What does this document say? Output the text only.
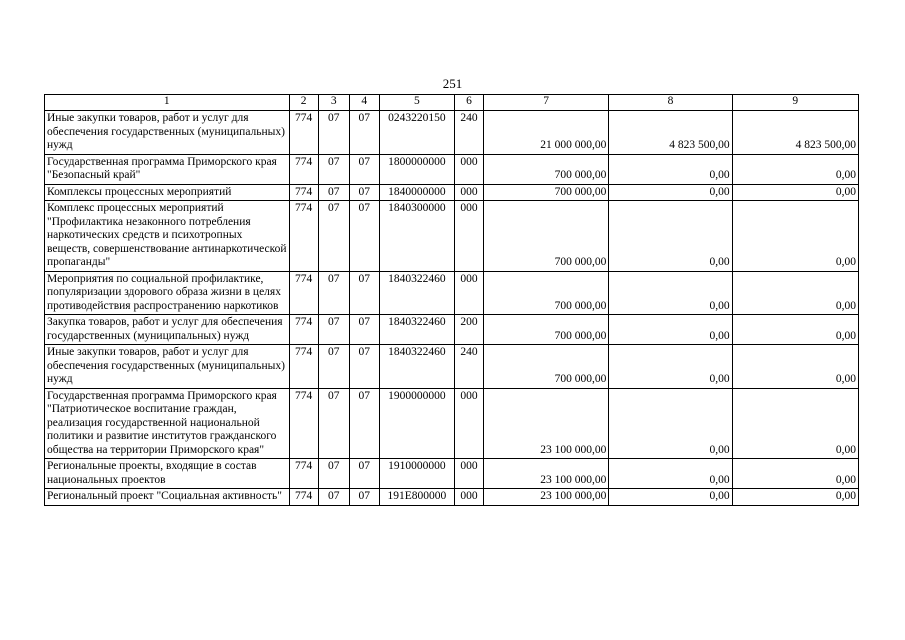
251
1	2	3	4	5	6	7	8	9
Иные закупки товаров, работ и услуг для обеспечения государственных (муниципальных) нужд	774	07	07	0243220150	240	21 000 000,00	4 823 500,00	4 823 500,00
Государственная программа Приморского края "Безопасный край"	774	07	07	1800000000	000	700 000,00	0,00	0,00
Комплексы процессных мероприятий	774	07	07	1840000000	000	700 000,00	0,00	0,00
Комплекс процессных мероприятий "Профилактика незаконного потребления наркотических средств и психотропных веществ, совершенствование антинаркотической пропаганды"	774	07	07	1840300000	000	700 000,00	0,00	0,00
Мероприятия по социальной профилактике, популяризации здорового образа жизни в целях противодействия распространению наркотиков	774	07	07	1840322460	000	700 000,00	0,00	0,00
Закупка товаров, работ и услуг для обеспечения государственных (муниципальных) нужд	774	07	07	1840322460	200	700 000,00	0,00	0,00
Иные закупки товаров, работ и услуг для обеспечения государственных (муниципальных) нужд	774	07	07	1840322460	240	700 000,00	0,00	0,00
Государственная программа Приморского края "Патриотическое воспитание граждан, реализация государственной национальной политики и развитие институтов гражданского общества на территории Приморского края"	774	07	07	1900000000	000	23 100 000,00	0,00	0,00
Региональные проекты, входящие в состав национальных проектов	774	07	07	1910000000	000	23 100 000,00	0,00	0,00
Региональный проект "Социальная активность"	774	07	07	191E800000	000	23 100 000,00	0,00	0,00
